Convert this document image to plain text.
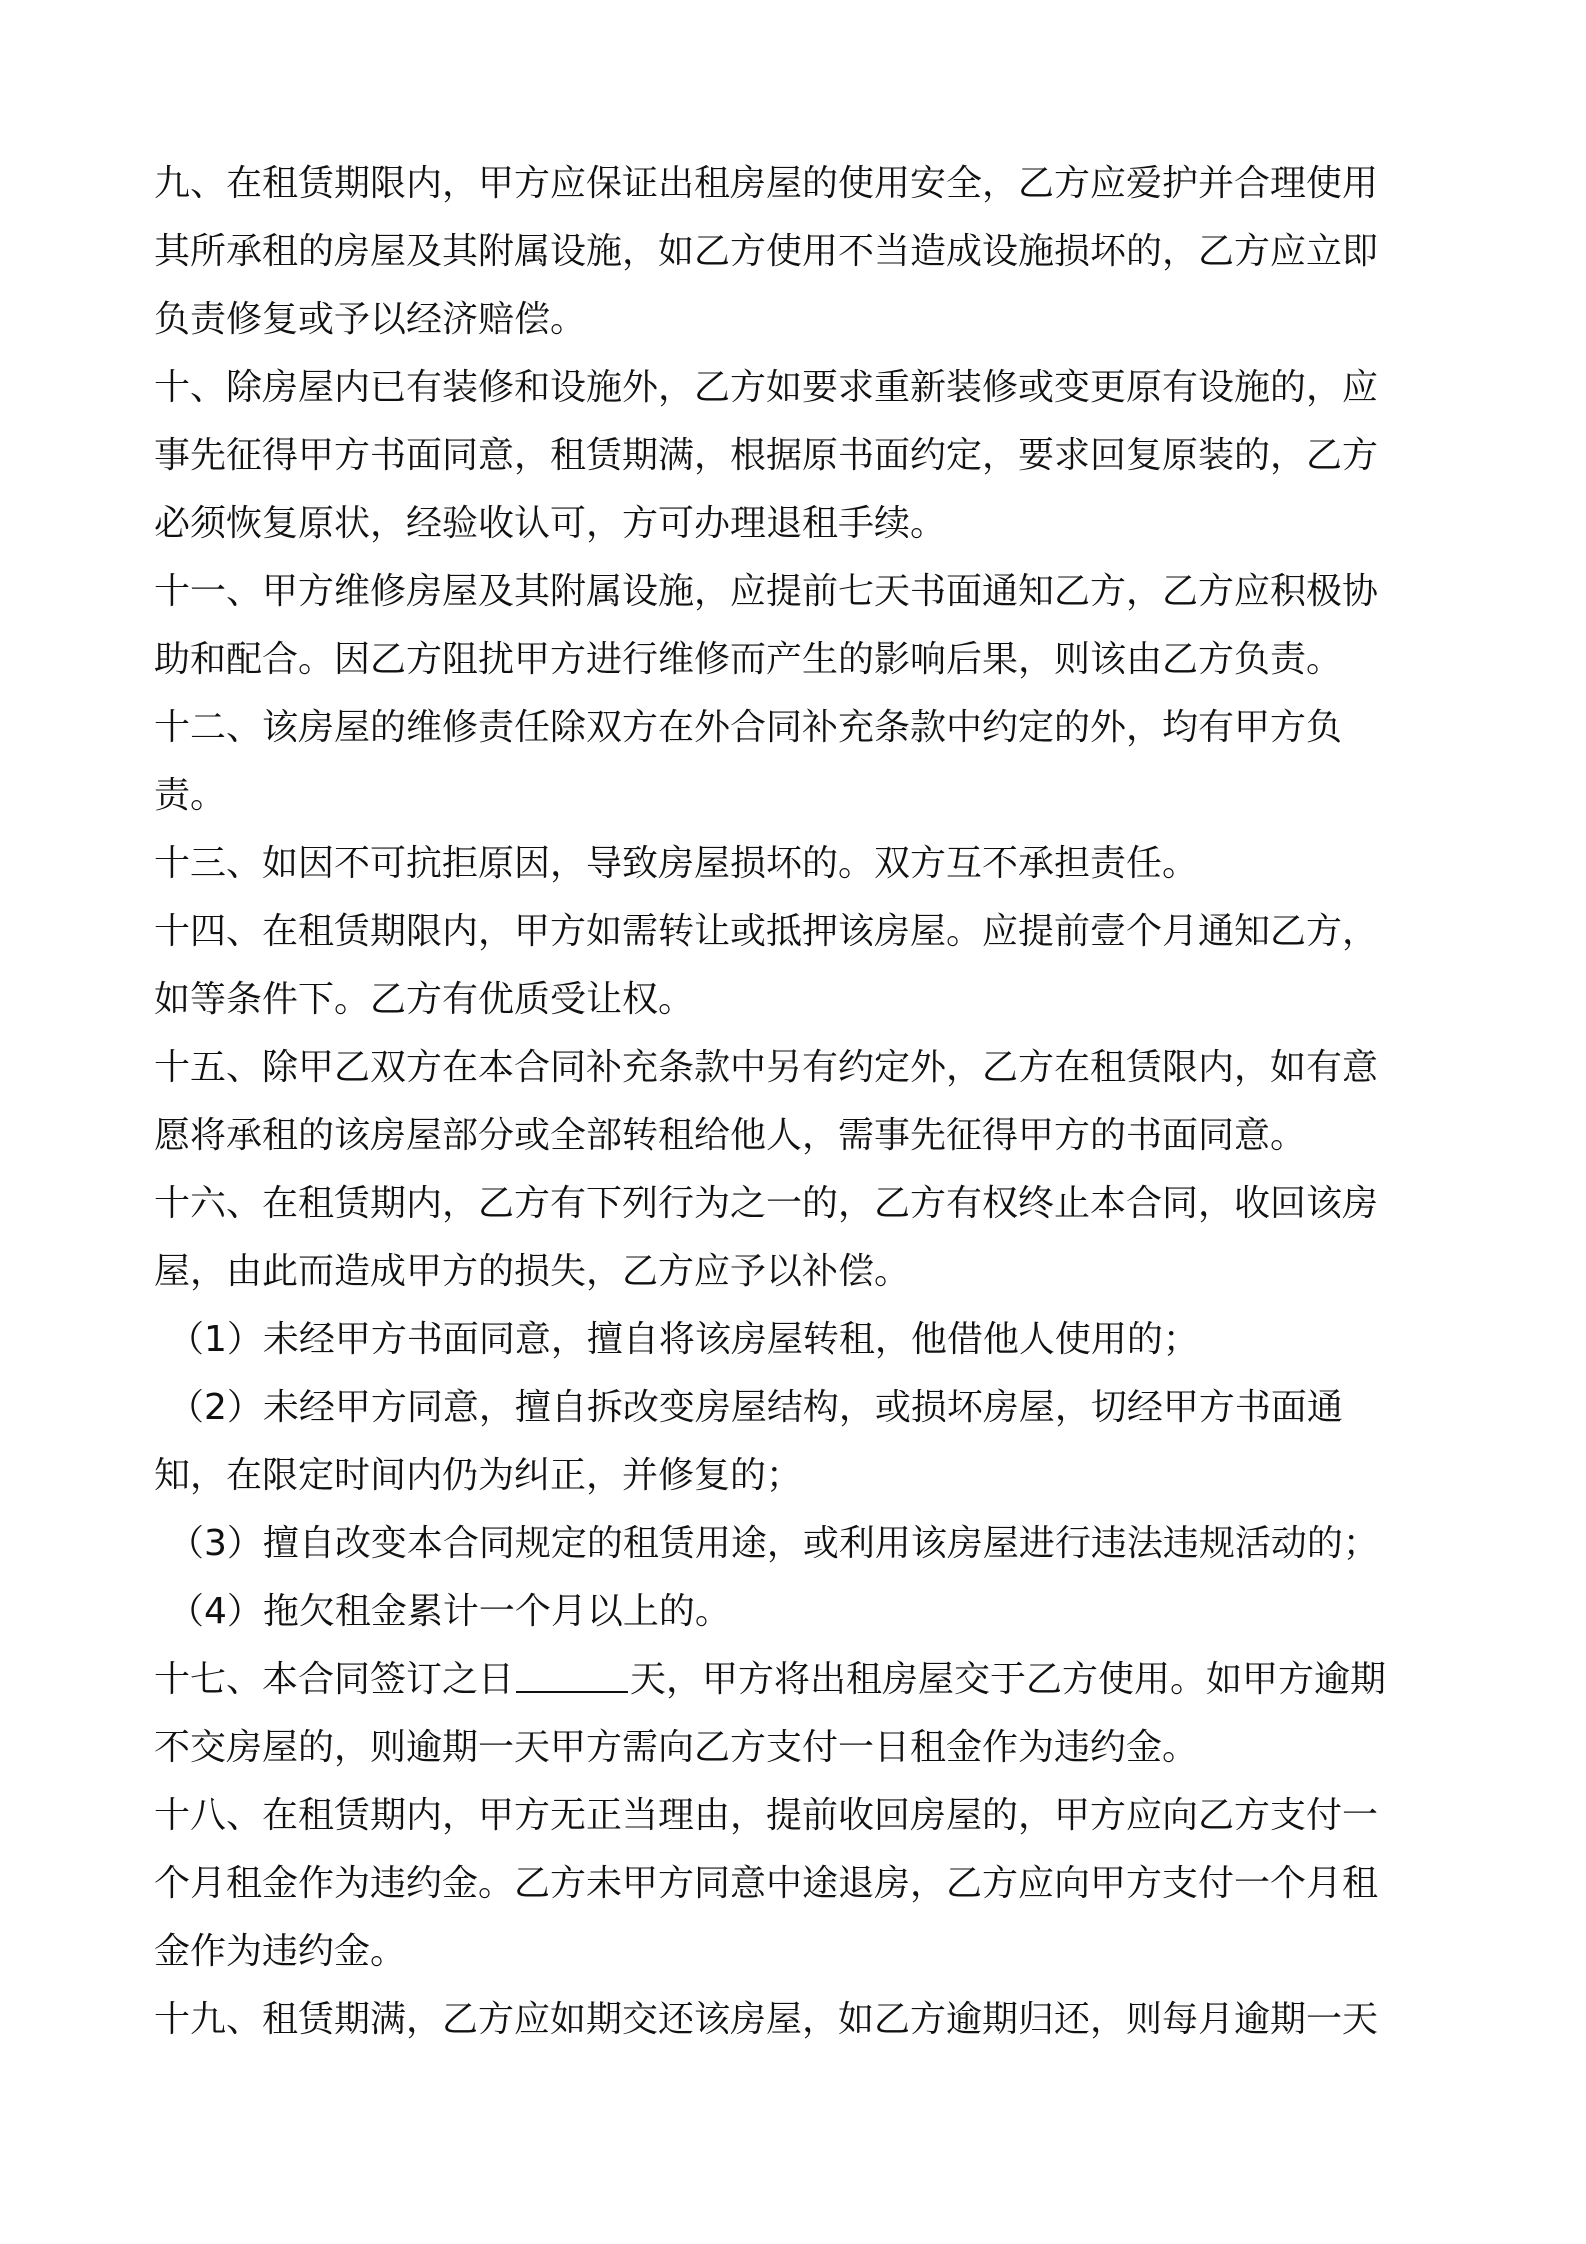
九、在租赁期限内，甲方应保证出租房屋的使用安全，乙方应爱护并合理使用
其所承租的房屋及其附属设施，如乙方使用不当造成设施损坏的，乙方应立即
负责修复或予以经济赔偿。
十、除房屋内已有装修和设施外，乙方如要求重新装修或变更原有设施的，应
事先征得甲方书面同意，租赁期满，根据原书面约定，要求回复原装的，乙方
必须恢复原状，经验收认可，方可办理退租手续。
十一、甲方维修房屋及其附属设施，应提前七天书面通知乙方，乙方应积极协
助和配合。因乙方阻扰甲方进行维修而产生的影响后果，则该由乙方负责。
十二、该房屋的维修责任除双方在外合同补充条款中约定的外，均有甲方负
责。
十三、如因不可抗拒原因，导致房屋损坏的。双方互不承担责任。
十四、在租赁期限内，甲方如需转让或抵押该房屋。应提前壹个月通知乙方，
如等条件下。乙方有优质受让权。
十五、除甲乙双方在本合同补充条款中另有约定外，乙方在租赁限内，如有意
愿将承租的该房屋部分或全部转租给他人，需事先征得甲方的书面同意。
十六、在租赁期内，乙方有下列行为之一的，乙方有权终止本合同，收回该房
屋，由此而造成甲方的损失，乙方应予以补偿。
（1）未经甲方书面同意，擅自将该房屋转租，他借他人使用的；
（2）未经甲方同意，擅自拆改变房屋结构，或损坏房屋，切经甲方书面通
知，在限定时间内仍为纠正，并修复的；
（3）擅自改变本合同规定的租赁用途，或利用该房屋进行违法违规活动的；
（4）拖欠租金累计一个月以上的。
十七、本合同签订之日	天，甲方将出租房屋交于乙方使用。如甲方逾期
不交房屋的，则逾期一天甲方需向乙方支付一日租金作为违约金。
十八、在租赁期内，甲方无正当理由，提前收回房屋的，甲方应向乙方支付一
个月租金作为违约金。乙方未甲方同意中途退房，乙方应向甲方支付一个月租
金作为违约金。
十九、租赁期满，乙方应如期交还该房屋，如乙方逾期归还，则每月逾期一天
